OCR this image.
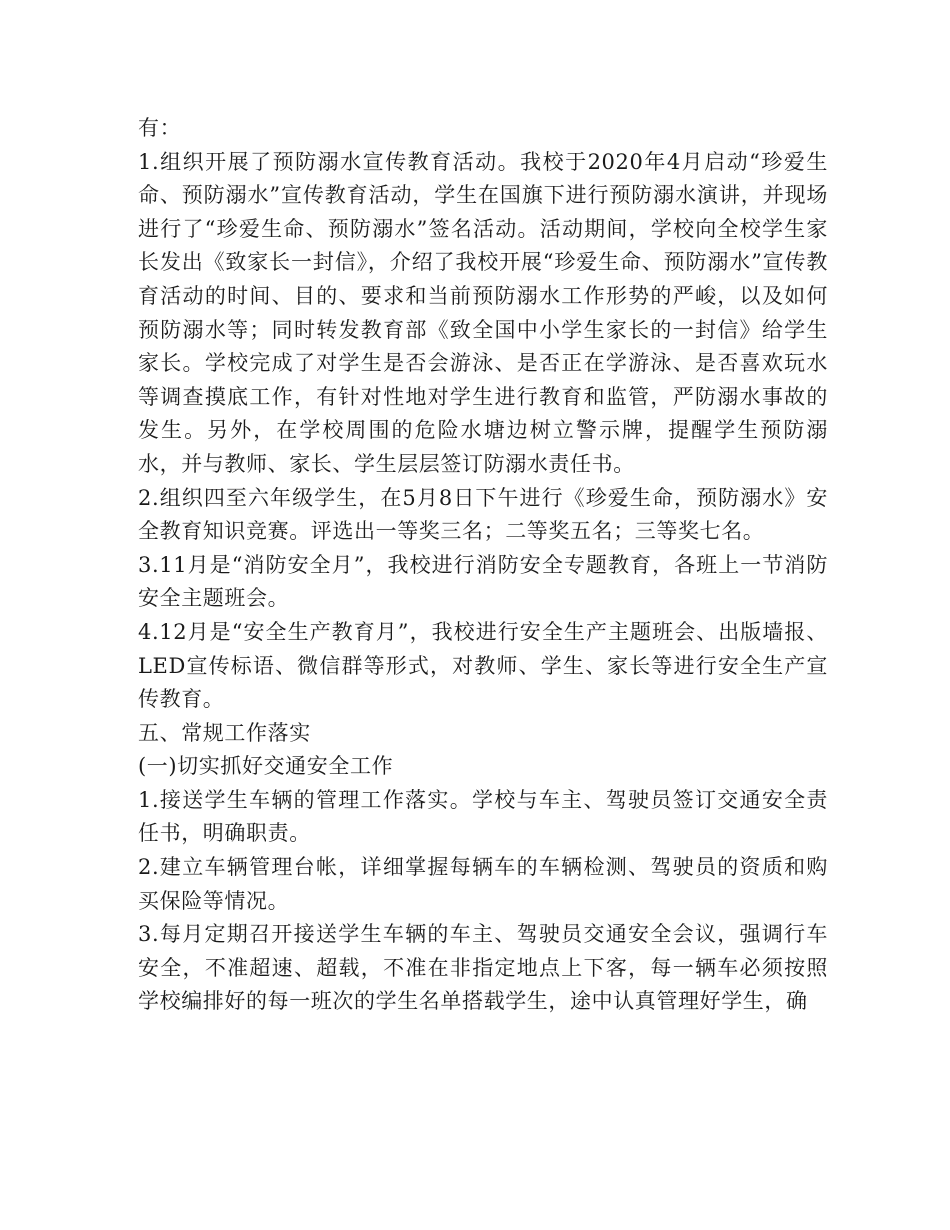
有：

1.组织开展了预防溺水宣传教育活动。我校于2020年4月启动“珍爱生命、预防溺水”宣传教育活动，学生在国旗下进行预防溺水演讲，并现场进行了“珍爱生命、预防溺水”签名活动。活动期间，学校向全校学生家长发出《致家长一封信》，介绍了我校开展“珍爱生命、预防溺水”宣传教育活动的时间、目的、要求和当前预防溺水工作形势的严峻，以及如何预防溺水等；同时转发教育部《致全国中小学生家长的一封信》给学生家长。学校完成了对学生是否会游泳、是否正在学游泳、是否喜欢玩水等调查摸底工作，有针对性地对学生进行教育和监管，严防溺水事故的发生。另外，在学校周围的危险水塘边树立警示牌，提醒学生预防溺水，并与教师、家长、学生层层签订防溺水责任书。

2.组织四至六年级学生，在5月8日下午进行《珍爱生命，预防溺水》安全教育知识竞赛。评选出一等奖三名；二等奖五名；三等奖七名。

3.11月是“消防安全月”，我校进行消防安全专题教育，各班上一节消防安全主题班会。

4.12月是“安全生产教育月”，我校进行安全生产主题班会、出版墙报、LED宣传标语、微信群等形式，对教师、学生、家长等进行安全生产宣传教育。

五、常规工作落实

(一)切实抓好交通安全工作

1.接送学生车辆的管理工作落实。学校与车主、驾驶员签订交通安全责任书，明确职责。

2.建立车辆管理台帐，详细掌握每辆车的车辆检测、驾驶员的资质和购买保险等情况。

3.每月定期召开接送学生车辆的车主、驾驶员交通安全会议，强调行车安全，不准超速、超载，不准在非指定地点上下客，每一辆车必须按照学校编排好的每一班次的学生名单搭载学生，途中认真管理好学生，确
